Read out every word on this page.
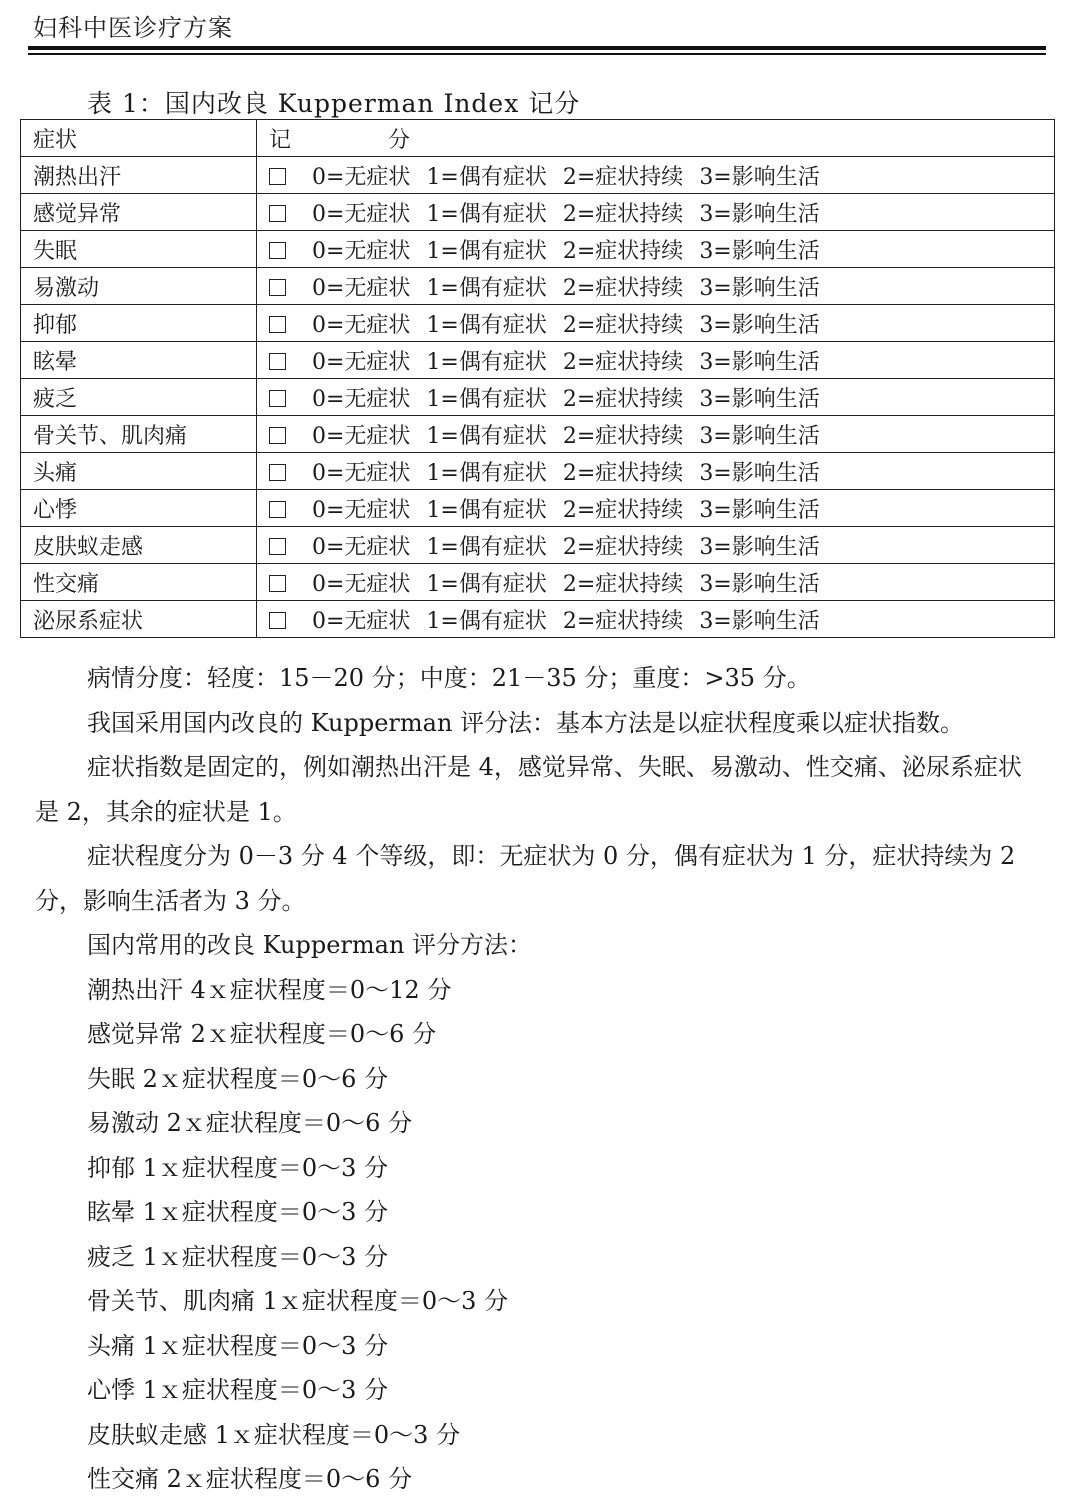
妇科中医诊疗方案
表 1：国内改良 Kupperman Index 记分
症状	记 分
潮热出汗	0=无症状 1=偶有症状 2=症状持续 3=影响生活
感觉异常	0=无症状 1=偶有症状 2=症状持续 3=影响生活
失眠	0=无症状 1=偶有症状 2=症状持续 3=影响生活
易激动	0=无症状 1=偶有症状 2=症状持续 3=影响生活
抑郁	0=无症状 1=偶有症状 2=症状持续 3=影响生活
眩晕	0=无症状 1=偶有症状 2=症状持续 3=影响生活
疲乏	0=无症状 1=偶有症状 2=症状持续 3=影响生活
骨关节、肌肉痛	0=无症状 1=偶有症状 2=症状持续 3=影响生活
头痛	0=无症状 1=偶有症状 2=症状持续 3=影响生活
心悸	0=无症状 1=偶有症状 2=症状持续 3=影响生活
皮肤蚁走感	0=无症状 1=偶有症状 2=症状持续 3=影响生活
性交痛	0=无症状 1=偶有症状 2=症状持续 3=影响生活
泌尿系症状	0=无症状 1=偶有症状 2=症状持续 3=影响生活

病情分度：轻度：15－20 分；中度：21－35 分；重度：>35 分。

我国采用国内改良的 Kupperman 评分法：基本方法是以症状程度乘以症状指数。

症状指数是固定的，例如潮热出汗是 4，感觉异常、失眠、易激动、性交痛、泌尿系症状是 2，其余的症状是 1。

症状程度分为 0－3 分 4 个等级，即：无症状为 0 分，偶有症状为 1 分，症状持续为 2 分，影响生活者为 3 分。

国内常用的改良 Kupperman 评分方法：

潮热出汗 4ｘ症状程度＝0～12 分

感觉异常 2ｘ症状程度＝0～6 分

失眠 2ｘ症状程度＝0～6 分

易激动 2ｘ症状程度＝0～6 分

抑郁 1ｘ症状程度＝0～3 分

眩晕 1ｘ症状程度＝0～3 分

疲乏 1ｘ症状程度＝0～3 分

骨关节、肌肉痛 1ｘ症状程度＝0～3 分

头痛 1ｘ症状程度＝0～3 分

心悸 1ｘ症状程度＝0～3 分

皮肤蚁走感 1ｘ症状程度＝0～3 分

性交痛 2ｘ症状程度＝0～6 分
